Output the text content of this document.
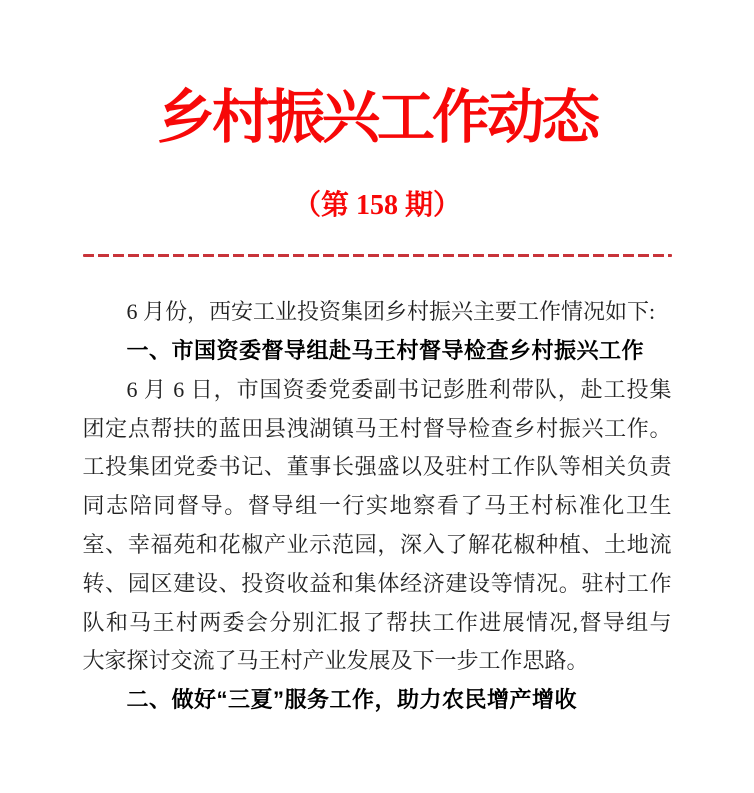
乡村振兴工作动态
（第 158 期）

6 月份，西安工业投资集团乡村振兴主要工作情况如下:

一、市国资委督导组赴马王村督导检查乡村振兴工作

6 月 6 日，市国资委党委副书记彭胜利带队，赴工投集

团定点帮扶的蓝田县洩湖镇马王村督导检查乡村振兴工作。

工投集团党委书记、董事长强盛以及驻村工作队等相关负责

同志陪同督导。督导组一行实地察看了马王村标准化卫生

室、幸福苑和花椒产业示范园，深入了解花椒种植、土地流

转、园区建设、投资收益和集体经济建设等情况。驻村工作

队和马王村两委会分别汇报了帮扶工作进展情况,督导组与

大家探讨交流了马王村产业发展及下一步工作思路。

二、做好“三夏”服务工作，助力农民增产增收
